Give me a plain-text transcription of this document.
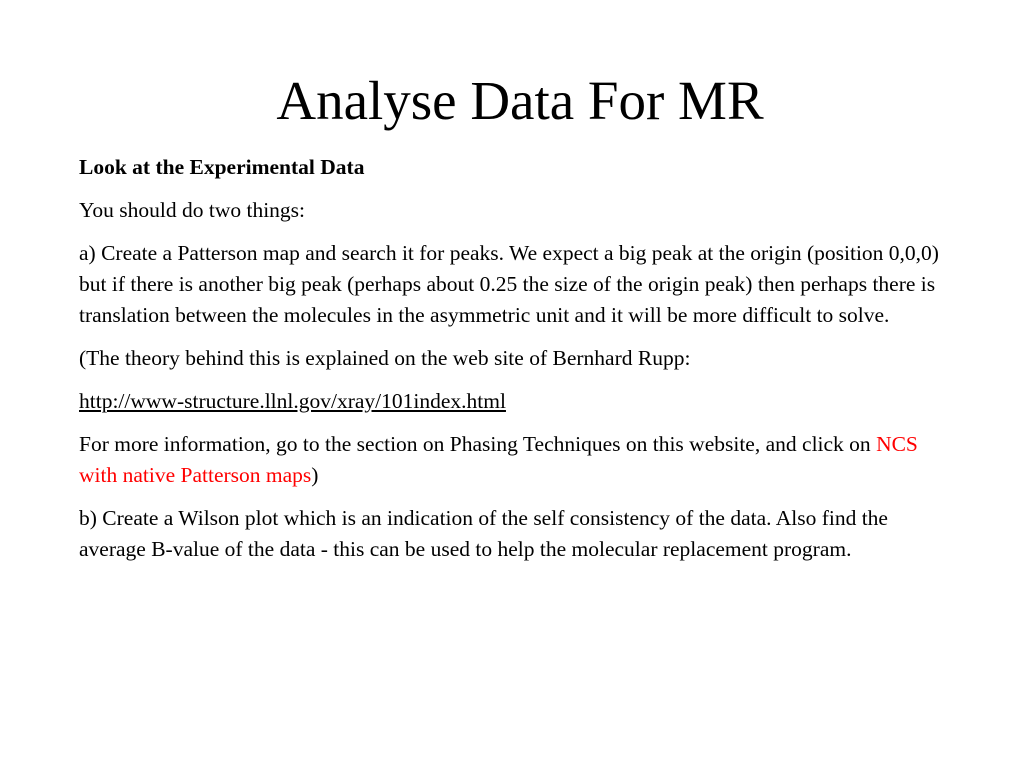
Analyse Data For MR

Look at the Experimental Data

You should do two things:

a) Create a Patterson map and search it for peaks. We expect a big peak at the origin (position 0,0,0) but if there is another big peak (perhaps about 0.25 the size of the origin peak) then perhaps there is translation between the molecules in the asymmetric unit and it will be more difficult to solve.

(The theory behind this is explained on the web site of Bernhard Rupp:

http://www-structure.llnl.gov/xray/101index.html

For more information, go to the section on Phasing Techniques on this website, and click on NCS with native Patterson maps)

b) Create a Wilson plot which is an indication of the self consistency of the data. Also find the average B-value of the data - this can be used to help the molecular replacement program.
